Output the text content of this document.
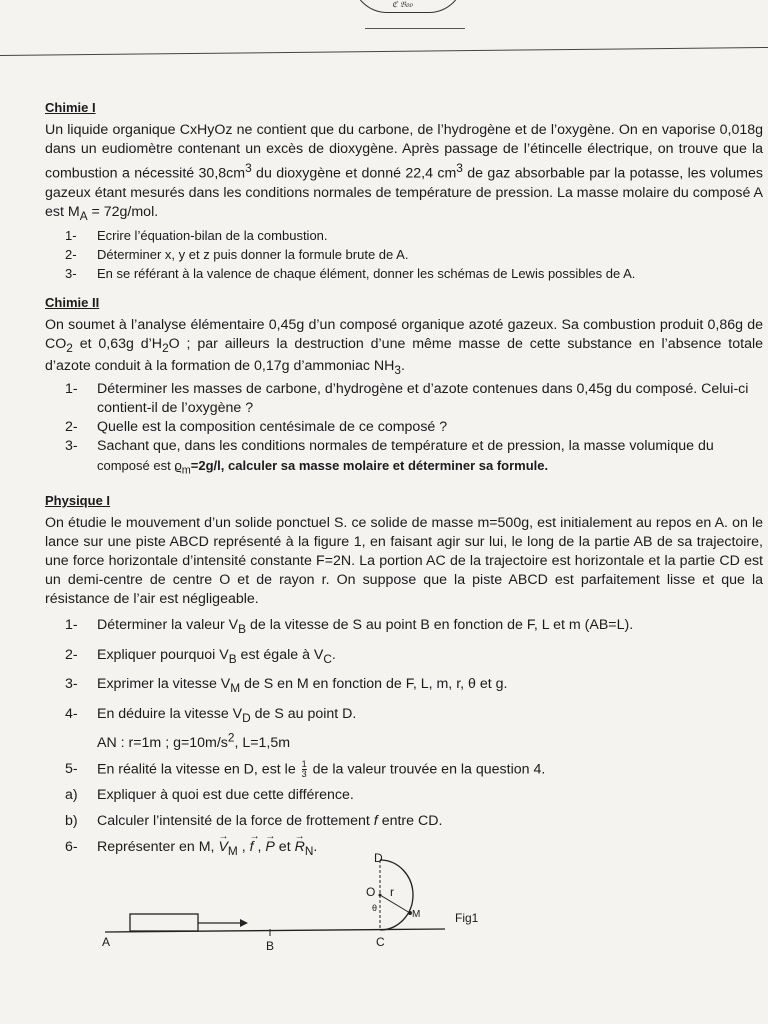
ℭ 𝔅𝔬𝔬
Chimie I

Un liquide organique CxHyOz ne contient que du carbone, de l’hydrogène et de l’oxygène. On en vaporise 0,018g dans un eudiomètre contenant un excès de dioxygène. Après passage de l’étincelle électrique, on trouve que la combustion a nécessité $30,8cm^3$ du dioxygène et donné 22,4 $cm^3$ de gaz absorbable par la potasse, les volumes gazeux étant mesurés dans les conditions normales de température de pression. La masse molaire du composé A est $M_A = 72g/mol$.

1-	Ecrire l’équation-bilan de la combustion.
2-	Déterminer x, y et z puis donner la formule brute de A.
3-	En se référant à la valence de chaque élément, donner les schémas de Lewis possibles de A.
Chimie II

On soumet à l’analyse élémentaire 0,45g d’un composé organique azoté gazeux. Sa combustion produit 0,86g de $CO_2$ et 0,63g $d’H_2O$ ; par ailleurs la destruction d’une même masse de cette substance en l’absence totale d’azote conduit à la formation de 0,17g d’ammoniac $NH_3$.

1-	Déterminer les masses de carbone, d’hydrogène et d’azote contenues dans 0,45g du composé. Celui-ci contient-il de l’oxygène ?
2-	Quelle est la composition centésimale de ce composé ?
3-	Sachant que, dans les conditions normales de température et de pression, la masse volumique du
composé est $ϱ_m=2g/l$, calculer sa masse molaire et déterminer sa formule.
Physique I

On étudie le mouvement d’un solide ponctuel S. ce solide de masse m=500g, est initialement au repos en A. on le lance sur une piste ABCD représenté à la figure 1, en faisant agir sur lui, le long de la partie AB de sa trajectoire, une force horizontale d’intensité constante F=2N. La portion AC de la trajectoire est horizontale et la partie CD est un demi-centre de centre O et de rayon r. On suppose que la piste ABCD est parfaitement lisse et que la résistance de l’air est négligeable.

1-	Déterminer la valeur $V_B$ de la vitesse de S au point B en fonction de F, L et m (AB=L).
2-	Expliquer pourquoi $V_B$ est égale à $V_C$.
3-	Exprimer la vitesse $V_M$ de S en M en fonction de F, L, m, r, θ et g.
4-	En déduire la vitesse $V_D$ de S au point D.
AN : r=1m ; $g=10m/s^2$, L=1,5m
5-	En réalité la vitesse en D, est le $\frac{1}{3}$ de la valeur trouvée en la question 4.
a)	Expliquer à quoi est due cette différence.
b)	Calculer l’intensité de la force de frottement f entre CD.
6-	Représenter en M, → $V_M$ , → f , → P et → $R_N$.
A	B	C
D
O r
M
θ
Fig1
